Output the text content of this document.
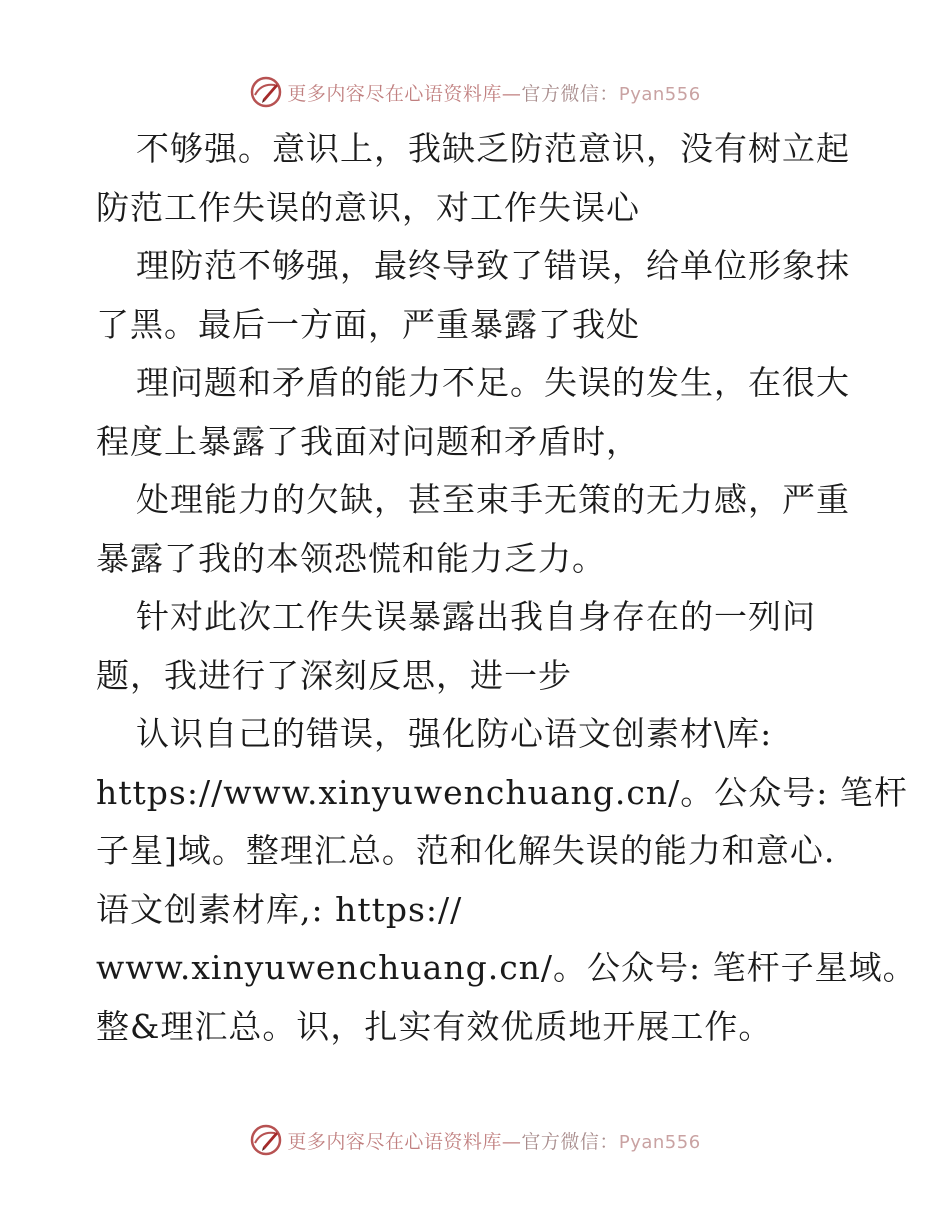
更多内容尽在心语资料库—官方微信：Pyan556
不够强。意识上，我缺乏防范意识，没有树立起
防范工作失误的意识，对工作失误心
理防范不够强，最终导致了错误，给单位形象抹
了黑。最后一方面，严重暴露了我处
理问题和矛盾的能力不足。失误的发生，在很大
程度上暴露了我面对问题和矛盾时，
处理能力的欠缺，甚至束手无策的无力感，严重
暴露了我的本领恐慌和能力乏力。
针对此次工作失误暴露出我自身存在的一列问
题，我进行了深刻反思，进一步
认识自己的错误，强化防心语文创素材\库:
https://www.xinyuwenchuang.cn/。公众号: 笔杆
子星]域。整理汇总。范和化解失误的能力和意心.
语文创素材库,: https://
www.xinyuwenchuang.cn/。公众号: 笔杆子星域。
整&理汇总。识，扎实有效优质地开展工作。
更多内容尽在心语资料库—官方微信：Pyan556
